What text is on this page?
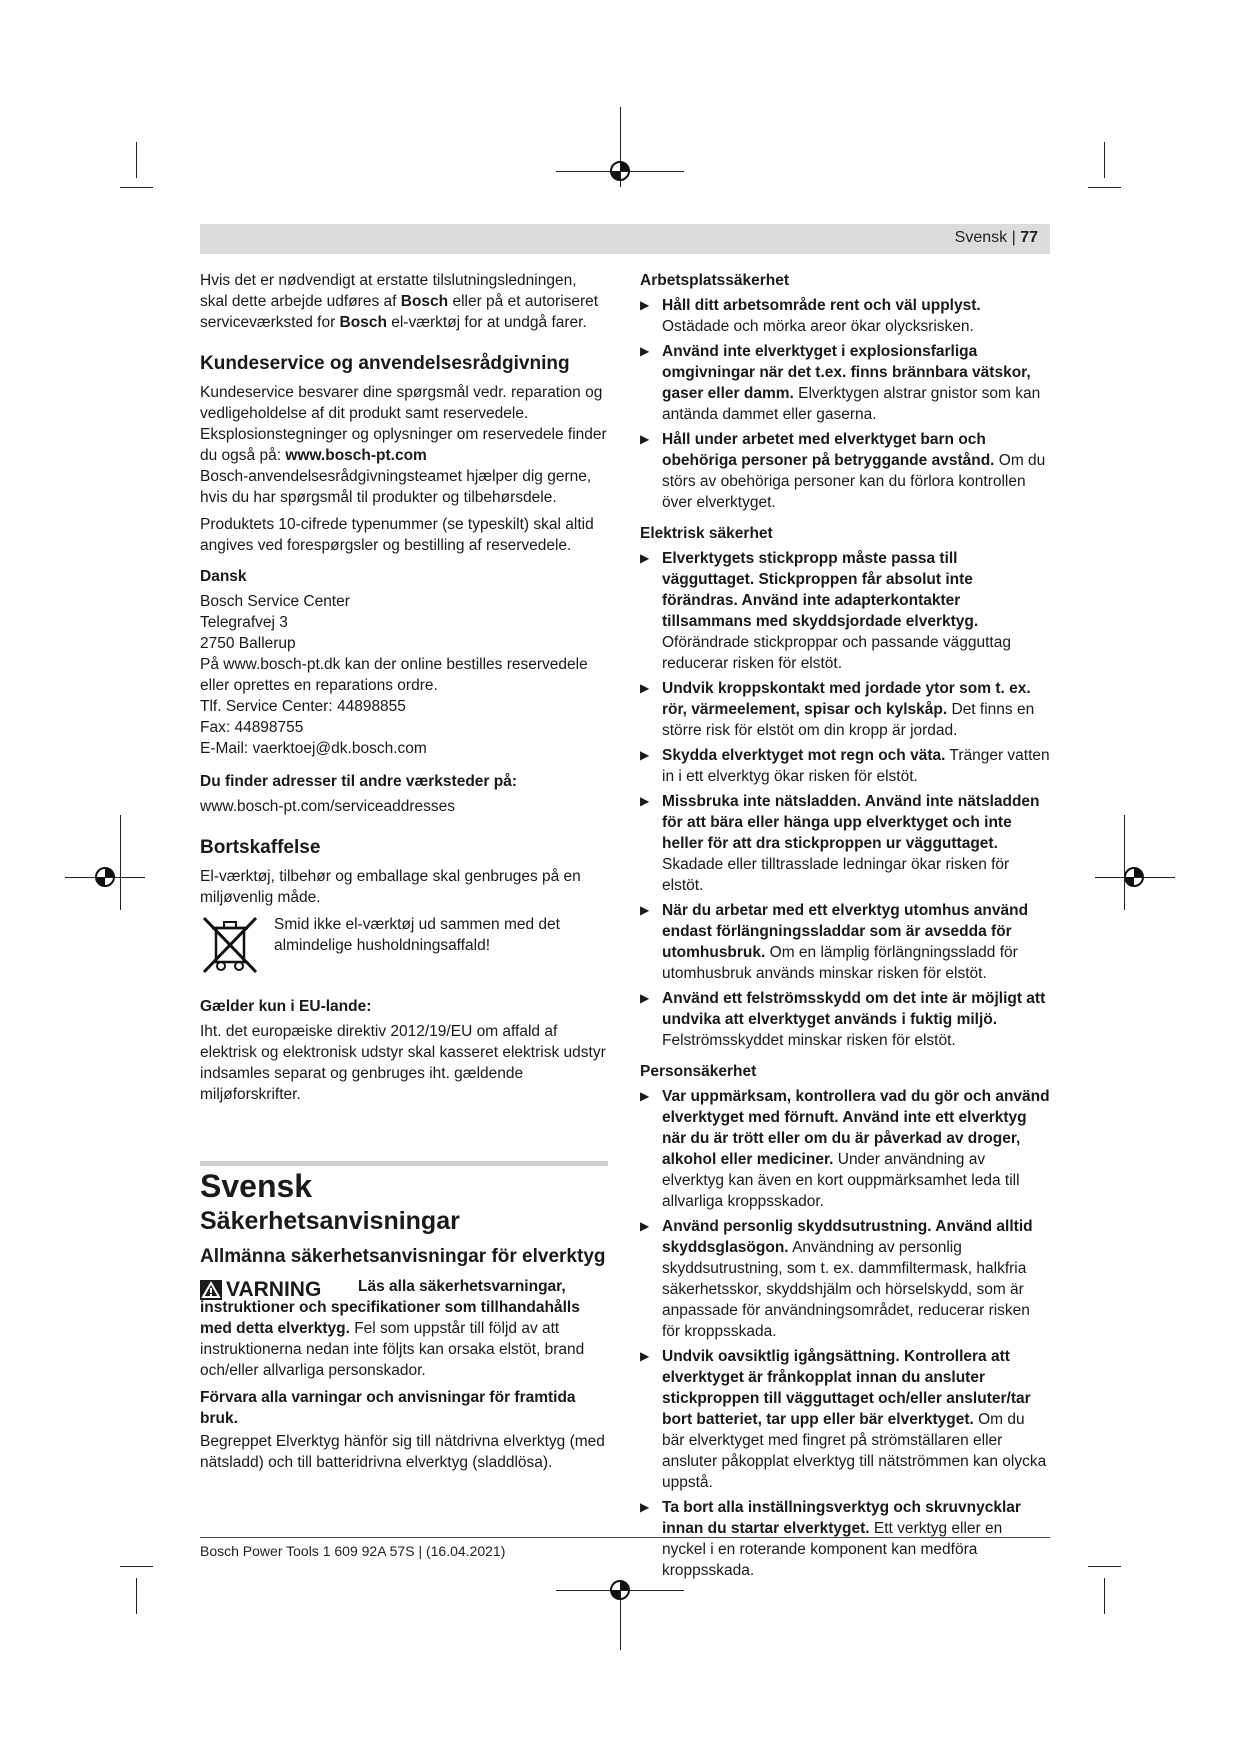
Svensk | 77

Hvis det er nødvendigt at erstatte tilslutningsledningen, skal dette arbejde udføres af Bosch eller på et autoriseret serviceværksted for Bosch el-værktøj for at undgå farer.

Kundeservice og anvendelsesrådgivning

Kundeservice besvarer dine spørgsmål vedr. reparation og vedligeholdelse af dit produkt samt reservedele. Eksplosionstegninger og oplysninger om reservedele finder du også på: www.bosch-pt.com
Bosch-anvendelsesrådgivningsteamet hjælper dig gerne, hvis du har spørgsmål til produkter og tilbehørsdele.

Produktets 10-cifrede typenummer (se typeskilt) skal altid angives ved forespørgsler og bestilling af reservedele.

Dansk
Bosch Service Center
Telegrafvej 3
2750 Ballerup
På www.bosch-pt.dk kan der online bestilles reservedele eller oprettes en reparations ordre.
Tlf. Service Center: 44898855
Fax: 44898755
E-Mail: vaerktoej@dk.bosch.com
Du finder adresser til andre værksteder på:

www.bosch-pt.com/serviceaddresses

Bortskaffelse

El-værktøj, tilbehør og emballage skal genbruges på en miljøvenlig måde.

Smid ikke el-værktøj ud sammen med det almindelige husholdningsaffald!

Gælder kun i EU-lande:

Iht. det europæiske direktiv 2012/19/EU om affald af elektrisk og elektronisk udstyr skal kasseret elektrisk udstyr indsamles separat og genbruges iht. gældende miljøforskrifter.

Svensk
Säkerhetsanvisningar
Allmänna säkerhetsanvisningar för elverktyg
VARNING	Läs alla säkerhetsvarningar, instruktioner och specifikationer som tillhandahålls med detta elverktyg. Fel som uppstår till följd av att instruktionerna nedan inte följts kan orsaka elstöt, brand och/eller allvarliga personskador.

Förvara alla varningar och anvisningar för framtida bruk.

Begreppet Elverktyg hänför sig till nätdrivna elverktyg (med nätsladd) och till batteridrivna elverktyg (sladdlösa).

Arbetsplatssäkerhet
▶ Håll ditt arbetsområde rent och väl upplyst. Ostädade och mörka areor ökar olycksrisken.
▶ Använd inte elverktyget i explosionsfarliga omgivningar när det t.ex. finns brännbara vätskor, gaser eller damm. Elverktygen alstrar gnistor som kan antända dammet eller gaserna.
▶ Håll under arbetet med elverktyget barn och obehöriga personer på betryggande avstånd. Om du störs av obehöriga personer kan du förlora kontrollen över elverktyget.
Elektrisk säkerhet
▶ Elverktygets stickpropp måste passa till vägguttaget. Stickproppen får absolut inte förändras. Använd inte adapterkontakter tillsammans med skyddsjordade elverktyg. Oförändrade stickproppar och passande vägguttag reducerar risken för elstöt.
▶ Undvik kroppskontakt med jordade ytor som t. ex. rör, värmeelement, spisar och kylskåp. Det finns en större risk för elstöt om din kropp är jordad.
▶ Skydda elverktyget mot regn och väta. Tränger vatten in i ett elverktyg ökar risken för elstöt.
▶ Missbruka inte nätsladden. Använd inte nätsladden för att bära eller hänga upp elverktyget och inte heller för att dra stickproppen ur vägguttaget. Skadade eller tilltrasslade ledningar ökar risken för elstöt.
▶ När du arbetar med ett elverktyg utomhus använd endast förlängningssladdar som är avsedda för utomhusbruk. Om en lämplig förlängningssladd för utomhusbruk används minskar risken för elstöt.
▶ Använd ett felströmsskydd om det inte är möjligt att undvika att elverktyget används i fuktig miljö. Felströmsskyddet minskar risken för elstöt.
Personsäkerhet
▶ Var uppmärksam, kontrollera vad du gör och använd elverktyget med förnuft. Använd inte ett elverktyg när du är trött eller om du är påverkad av droger, alkohol eller mediciner. Under användning av elverktyg kan även en kort ouppmärksamhet leda till allvarliga kroppsskador.
▶ Använd personlig skyddsutrustning. Använd alltid skyddsglasögon. Användning av personlig skyddsutrustning, som t. ex. dammfiltermask, halkfria säkerhetsskor, skyddshjälm och hörselskydd, som är anpassade för användningsområdet, reducerar risken för kroppsskada.
▶ Undvik oavsiktlig igångsättning. Kontrollera att elverktyget är frånkopplat innan du ansluter stickproppen till vägguttaget och/eller ansluter/tar bort batteriet, tar upp eller bär elverktyget. Om du bär elverktyget med fingret på strömställaren eller ansluter påkopplat elverktyg till nätströmmen kan olycka uppstå.
▶ Ta bort alla inställningsverktyg och skruvnycklar innan du startar elverktyget. Ett verktyg eller en nyckel i en roterande komponent kan medföra kroppsskada.
Bosch Power Tools 1 609 92A 57S | (16.04.2021)
